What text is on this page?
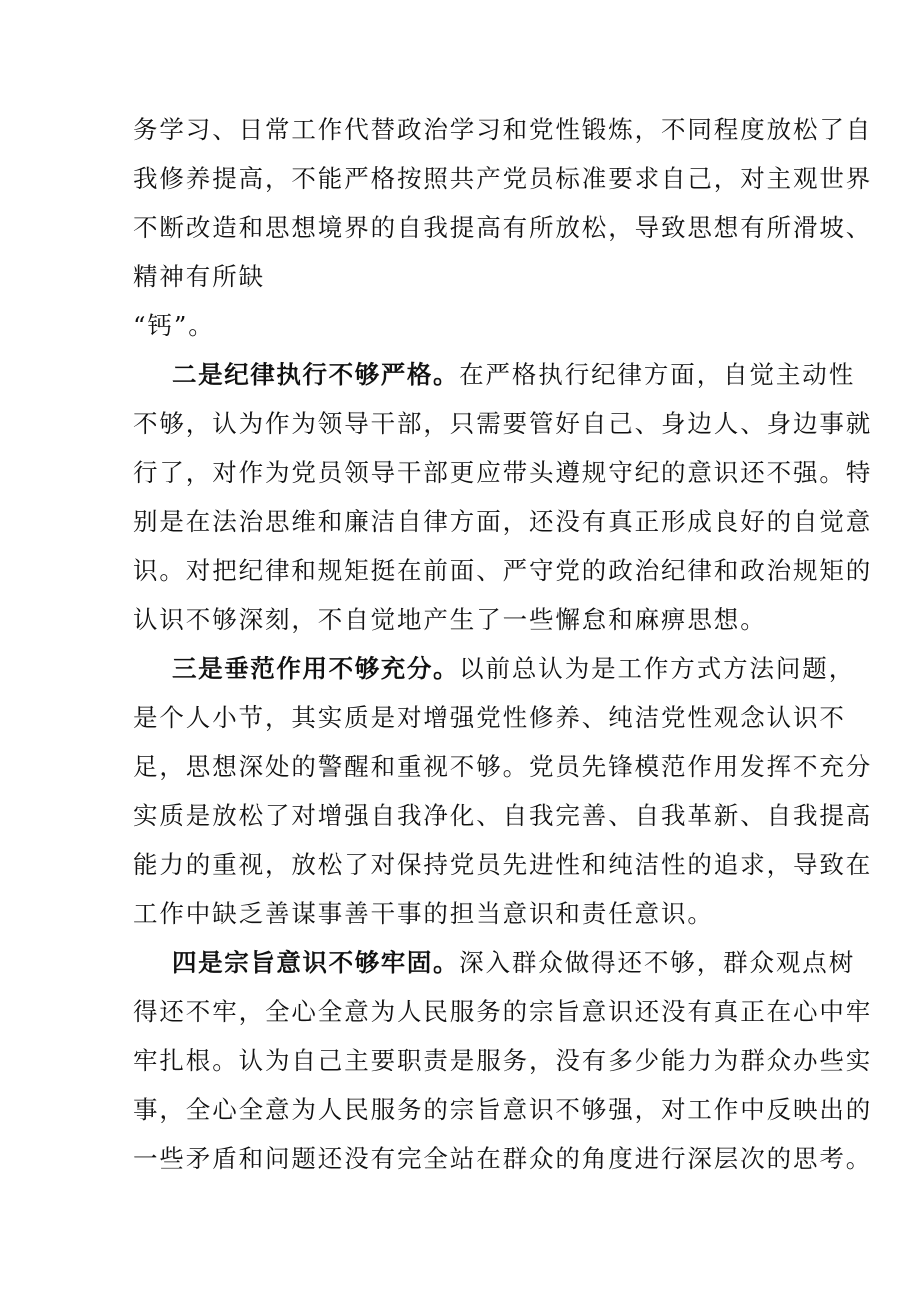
务学习、日常工作代替政治学习和党性锻炼，不同程度放松了自
我修养提高，不能严格按照共产党员标准要求自己，对主观世界
不断改造和思想境界的自我提高有所放松，导致思想有所滑坡、
精神有所缺
“钙”。
二是纪律执行不够严格。在严格执行纪律方面，自觉主动性
不够，认为作为领导干部，只需要管好自己、身边人、身边事就
行了，对作为党员领导干部更应带头遵规守纪的意识还不强。特
别是在法治思维和廉洁自律方面，还没有真正形成良好的自觉意
识。对把纪律和规矩挺在前面、严守党的政治纪律和政治规矩的
认识不够深刻，不自觉地产生了一些懈怠和麻痹思想。
三是垂范作用不够充分。以前总认为是工作方式方法问题，
是个人小节，其实质是对增强党性修养、纯洁党性观念认识不
足，思想深处的警醒和重视不够。党员先锋模范作用发挥不充分
实质是放松了对增强自我净化、自我完善、自我革新、自我提高
能力的重视，放松了对保持党员先进性和纯洁性的追求，导致在
工作中缺乏善谋事善干事的担当意识和责任意识。
四是宗旨意识不够牢固。深入群众做得还不够，群众观点树
得还不牢，全心全意为人民服务的宗旨意识还没有真正在心中牢
牢扎根。认为自己主要职责是服务，没有多少能力为群众办些实
事，全心全意为人民服务的宗旨意识不够强，对工作中反映出的
一些矛盾和问题还没有完全站在群众的角度进行深层次的思考。
